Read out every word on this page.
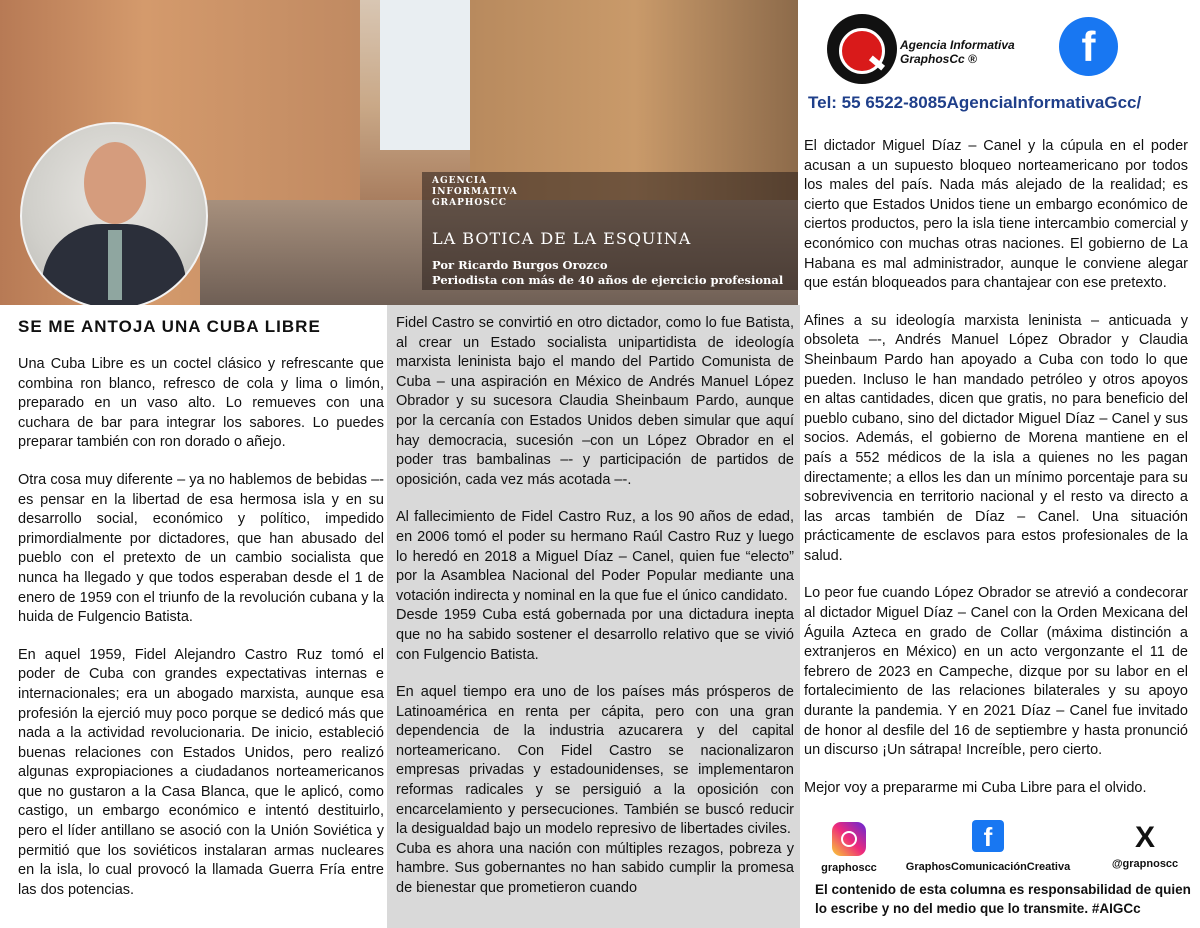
AGENCIA
INFORMATIVA
GRAPHOSCC
LA BOTICA DE LA ESQUINA
Por Ricardo Burgos Orozco
Periodista con más de 40 años de ejercicio profesional
Agencia Informativa
GraphosCc ®	f
Tel: 55 6522-8085AgenciaInformativaGcc/
SE ME ANTOJA UNA CUBA LIBRE

Una Cuba Libre es un coctel clásico y refrescante que combina ron blanco, refresco de cola y lima o limón, preparado en un vaso alto. Lo remueves con una cuchara de bar para integrar los sabores. Lo puedes preparar también con ron dorado o añejo.

Otra cosa muy diferente – ya no hablemos de bebidas –- es pensar en la libertad de esa hermosa isla y en su desarrollo social, económico y político, impedido primordialmente por dictadores, que han abusado del pueblo con el pretexto de un cambio socialista que nunca ha llegado y que todos esperaban desde el 1 de enero de 1959 con el triunfo de la revolución cubana y la huida de Fulgencio Batista.

En aquel 1959, Fidel Alejandro Castro Ruz tomó el poder de Cuba con grandes expectativas internas e internacionales; era un abogado marxista, aunque esa profesión la ejerció muy poco porque se dedicó más que nada a la actividad revolucionaria. De inicio, estableció buenas relaciones con Estados Unidos, pero realizó algunas expropiaciones a ciudadanos norteamericanos que no gustaron a la Casa Blanca, que le aplicó, como castigo, un embargo económico e intentó destituirlo, pero el líder antillano se asoció con la Unión Soviética y permitió que los soviéticos instalaran armas nucleares en la isla, lo cual provocó la llamada Guerra Fría entre las dos potencias.

Fidel Castro se convirtió en otro dictador, como lo fue Batista, al crear un Estado socialista unipartidista de ideología marxista leninista bajo el mando del Partido Comunista de Cuba – una aspiración en México de Andrés Manuel López Obrador y su sucesora Claudia Sheinbaum Pardo, aunque por la cercanía con Estados Unidos deben simular que aquí hay democracia, sucesión –con un López Obrador en el poder tras bambalinas –- y participación de partidos de oposición, cada vez más acotada –-.

Al fallecimiento de Fidel Castro Ruz, a los 90 años de edad, en 2006 tomó el poder su hermano Raúl Castro Ruz y luego lo heredó en 2018 a Miguel Díaz – Canel, quien fue “electo” por la Asamblea Nacional del Poder Popular mediante una votación indirecta y nominal en la que fue el único candidato.

Desde 1959 Cuba está gobernada por una dictadura inepta que no ha sabido sostener el desarrollo relativo que se vivió con Fulgencio Batista.

En aquel tiempo era uno de los países más prósperos de Latinoamérica en renta per cápita, pero con una gran dependencia de la industria azucarera y del capital norteamericano. Con Fidel Castro se nacionalizaron empresas privadas y estadounidenses, se implementaron reformas radicales y se persiguió a la oposición con encarcelamiento y persecuciones. También se buscó reducir la desigualdad bajo un modelo represivo de libertades civiles.

Cuba es ahora una nación con múltiples rezagos, pobreza y hambre. Sus gobernantes no han sabido cumplir la promesa de bienestar que prometieron cuando

El dictador Miguel Díaz – Canel y la cúpula en el poder acusan a un supuesto bloqueo norteamericano por todos los males del país. Nada más alejado de la realidad; es cierto que Estados Unidos tiene un embargo económico de ciertos productos, pero la isla tiene intercambio comercial y económico con muchas otras naciones. El gobierno de La Habana es mal administrador, aunque le conviene alegar que están bloqueados para chantajear con ese pretexto.

Afines a su ideología marxista leninista – anticuada y obsoleta –-, Andrés Manuel López Obrador y Claudia Sheinbaum Pardo han apoyado a Cuba con todo lo que pueden. Incluso le han mandado petróleo y otros apoyos en altas cantidades, dicen que gratis, no para beneficio del pueblo cubano, sino del dictador Miguel Díaz – Canel y sus socios. Además, el gobierno de Morena mantiene en el país a 552 médicos de la isla a quienes no les pagan directamente; a ellos les dan un mínimo porcentaje para su sobrevivencia en territorio nacional y el resto va directo a las arcas también de Díaz – Canel. Una situación prácticamente de esclavos para estos profesionales de la salud.

Lo peor fue cuando López Obrador se atrevió a condecorar al dictador Miguel Díaz – Canel con la Orden Mexicana del Águila Azteca en grado de Collar (máxima distinción a extranjeros en México) en un acto vergonzante el 11 de febrero de 2023 en Campeche, dizque por su labor en el fortalecimiento de las relaciones bilaterales y su apoyo durante la pandemia. Y en 2021 Díaz – Canel fue invitado de honor al desfile del 16 de septiembre y hasta pronunció un discurso ¡Un sátrapa! Increíble, pero cierto.

Mejor voy a prepararme mi Cuba Libre para el olvido.

graphoscc
f
GraphosComunicaciónCreativa
X
@grapnoscc
El contenido de esta columna es responsabilidad de quien lo escribe y no del medio que lo transmite. #AIGCc
